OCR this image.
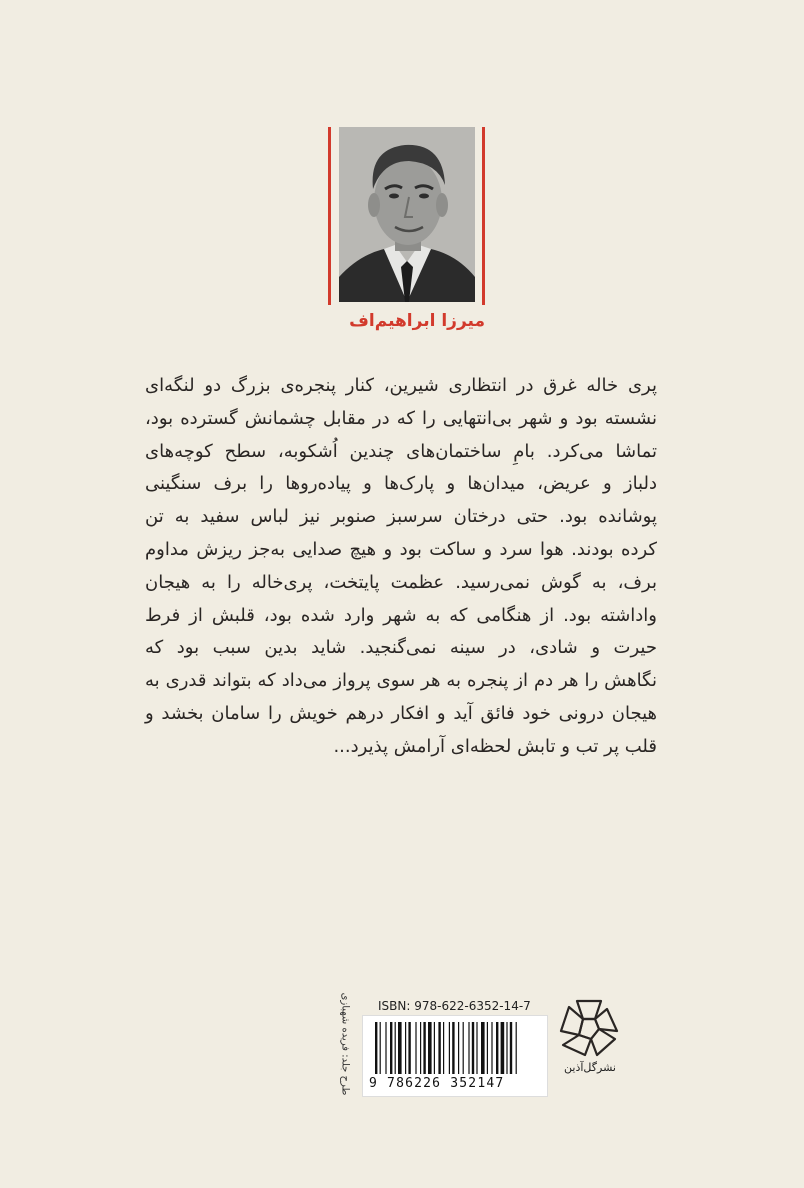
میرزا ابراهیم‌اف

پری خاله غرق در انتظاری شیرین، کنار پنجره‌ی بزرگ دو لنگه‌ای

نشسته بود و شهر بی‌انتهایی را که در مقابل چشمانش گسترده بود،

تماشا می‌کرد. بامِ ساختمان‌های چندین اُشکوبه، سطح کوچه‌های

دلباز و عریض، میدان‌ها و پارک‌ها و پیاده‌روها را برف سنگینی

پوشانده بود. حتی درختان سرسبز صنوبر نیز لباس سفید به تن

کرده بودند. هوا سرد و ساکت بود و هیچ صدایی به‌جز ریزش مداوم

برف، به گوش نمی‌رسید. عظمت پایتخت، پری‌خاله را به هیجان

واداشته بود. از هنگامی که به شهر وارد شده بود، قلبش از فرط

حیرت و شادی، در سینه نمی‌گنجید. شاید بدین سبب بود که

نگاهش را هر دم از پنجره به هر سوی پرواز می‌داد که بتواند قدری به

هیجان درونی خود فائق آید و افکار درهم خویش را سامان بخشد و

قلب پر تب و تابش لحظه‌ای آرامش پذیرد...

طرح جلد: فریده شهبازی ISBN: 978-622-6352-14-7
9 786226 352147
نشرگل‌آذین
